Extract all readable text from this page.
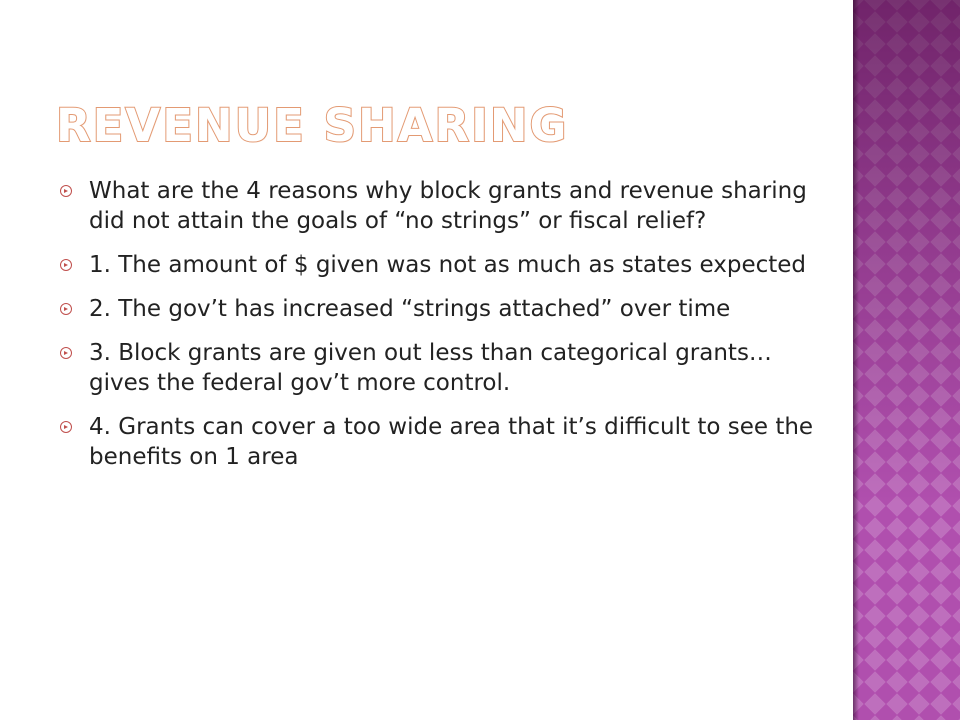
REVENUE SHARING
What are the 4 reasons why block grants and revenue sharing did not attain the goals of “no strings” or fiscal relief?
1. The amount of $ given was not as much as states expected
2. The gov’t has increased “strings attached” over time
3. Block grants are given out less than categorical grants…gives the federal gov’t more control.
4. Grants can cover a too wide area that it’s difficult to see the benefits on 1 area
